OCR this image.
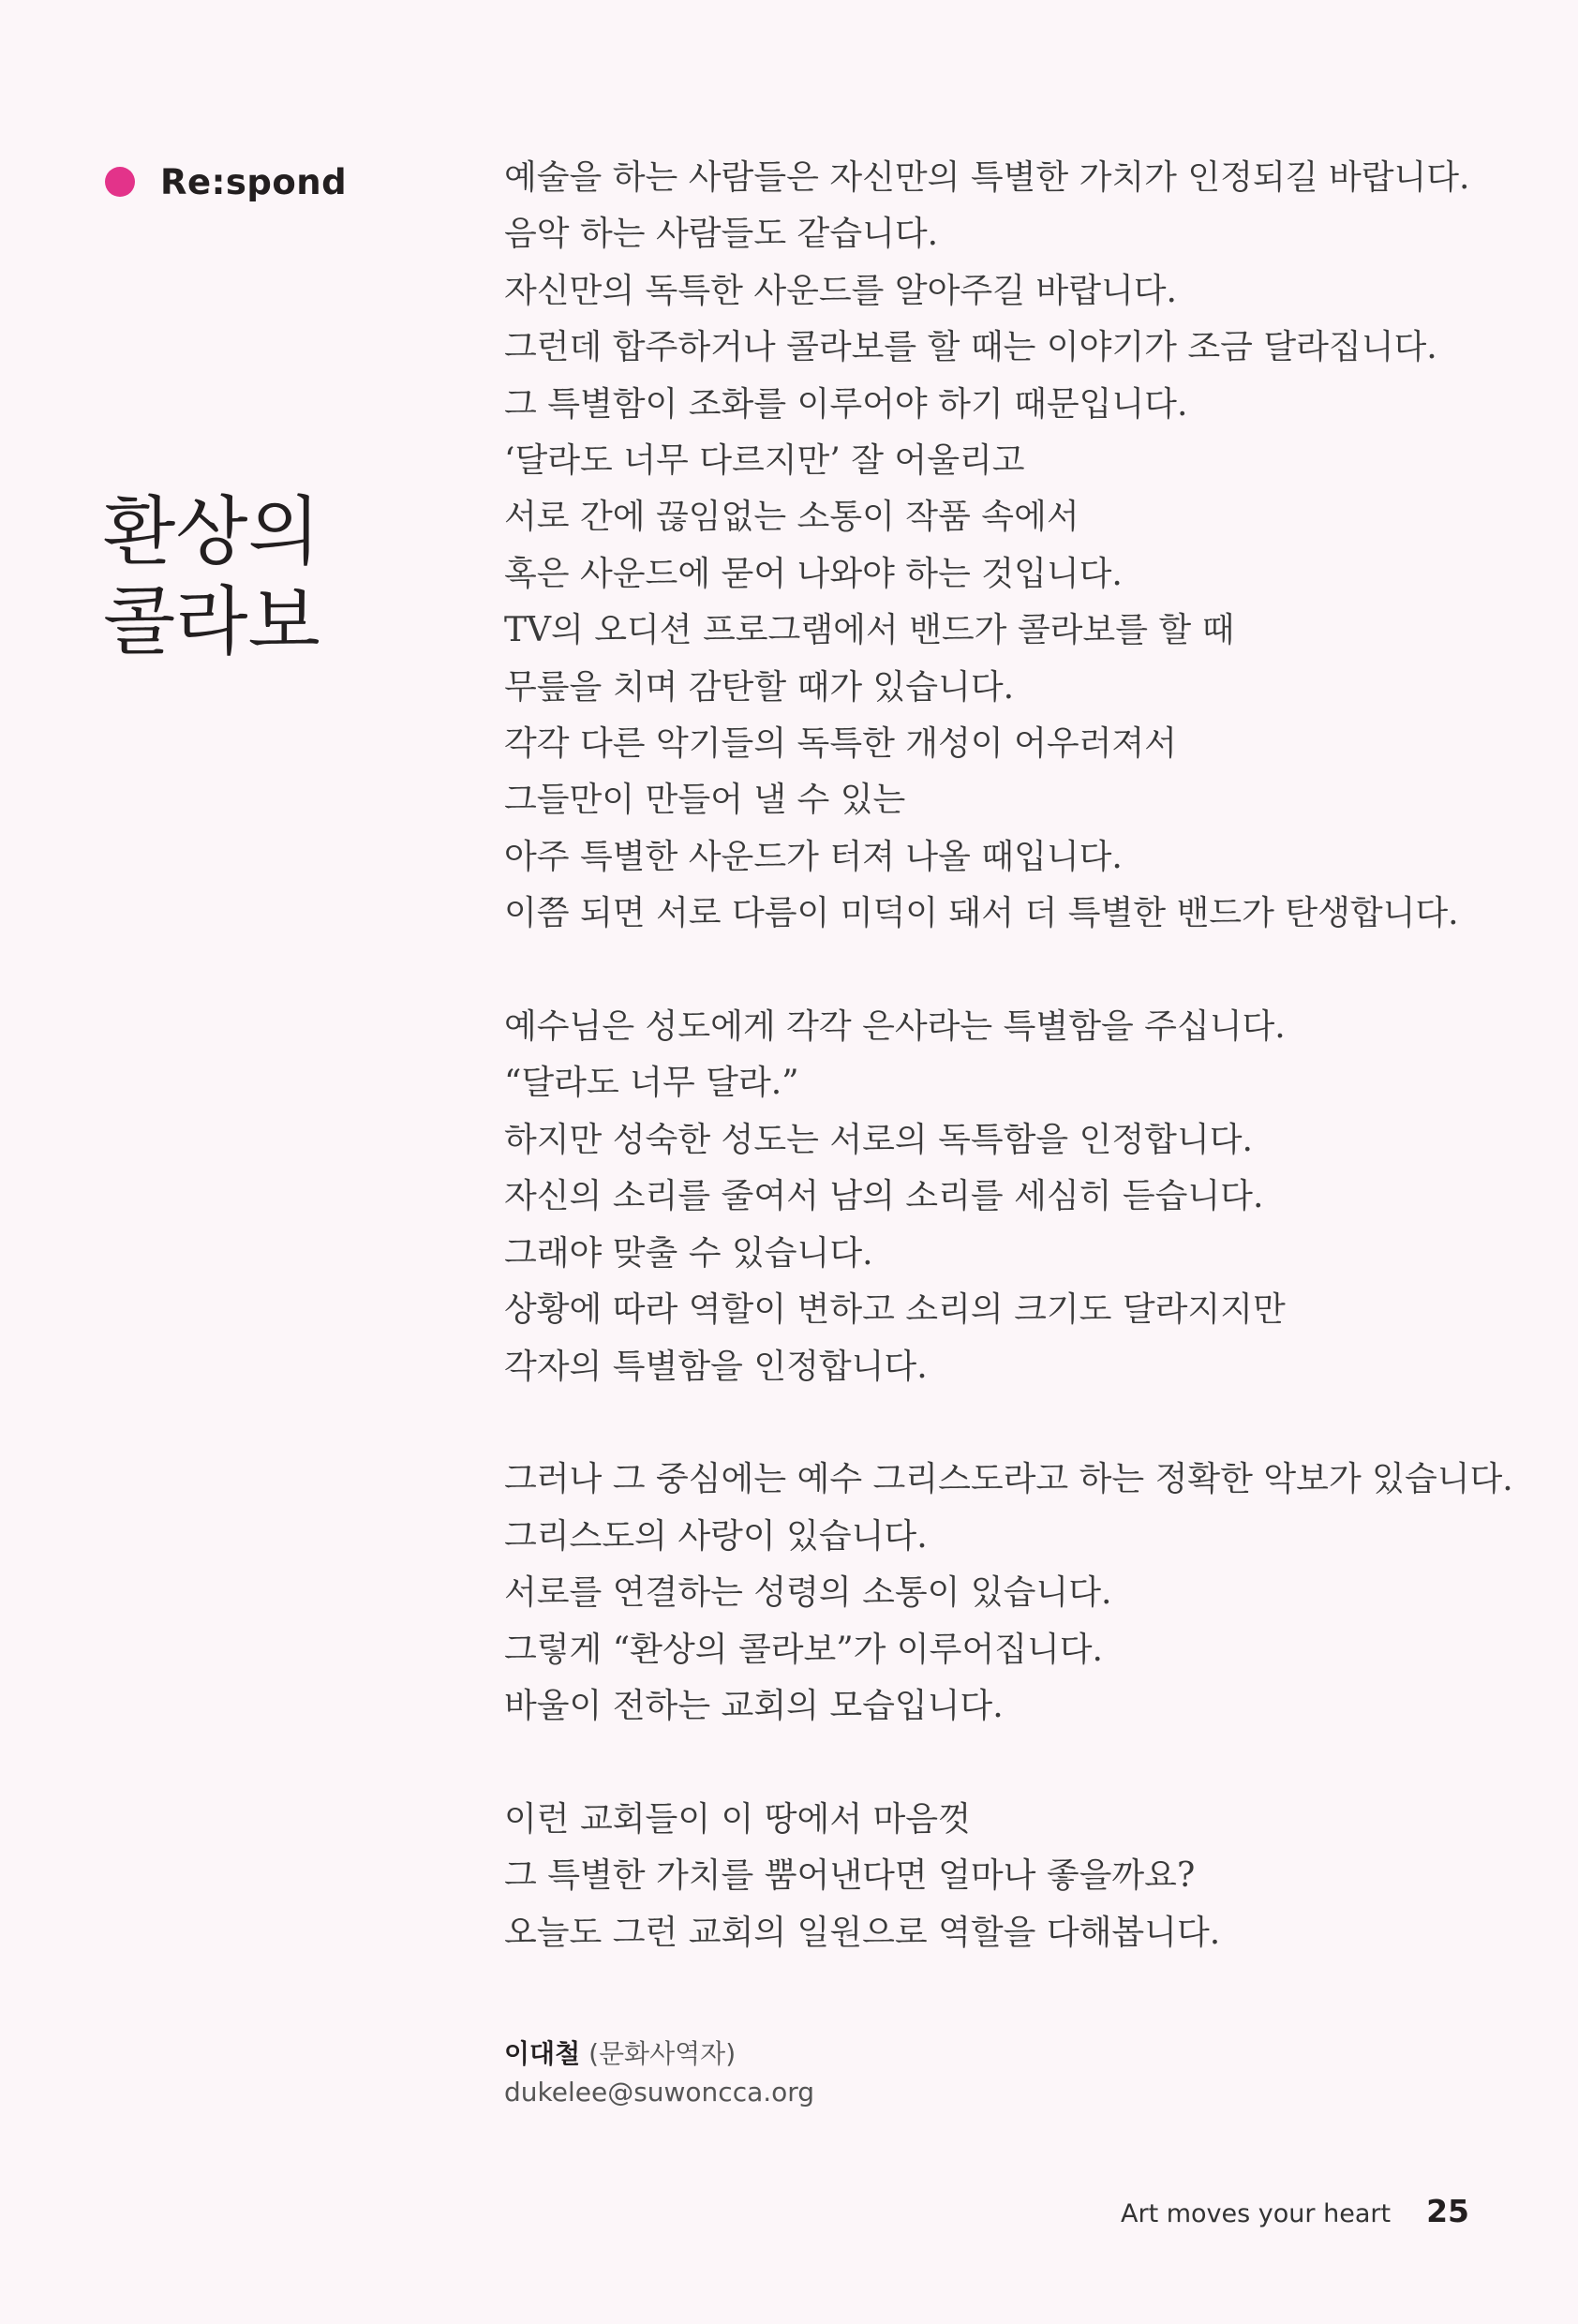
Re:spond
환상의
콜라보

예술을 하는 사람들은 자신만의 특별한 가치가 인정되길 바랍니다.
음악 하는 사람들도 같습니다.
자신만의 독특한 사운드를 알아주길 바랍니다.
그런데 합주하거나 콜라보를 할 때는 이야기가 조금 달라집니다.
그 특별함이 조화를 이루어야 하기 때문입니다.
‘달라도 너무 다르지만’ 잘 어울리고
서로 간에 끊임없는 소통이 작품 속에서
혹은 사운드에 묻어 나와야 하는 것입니다.
TV의 오디션 프로그램에서 밴드가 콜라보를 할 때
무릎을 치며 감탄할 때가 있습니다.
각각 다른 악기들의 독특한 개성이 어우러져서
그들만이 만들어 낼 수 있는
아주 특별한 사운드가 터져 나올 때입니다.
이쯤 되면 서로 다름이 미덕이 돼서 더 특별한 밴드가 탄생합니다.

예수님은 성도에게 각각 은사라는 특별함을 주십니다.
“달라도 너무 달라.”
하지만 성숙한 성도는 서로의 독특함을 인정합니다.
자신의 소리를 줄여서 남의 소리를 세심히 듣습니다.
그래야 맞출 수 있습니다.
상황에 따라 역할이 변하고 소리의 크기도 달라지지만
각자의 특별함을 인정합니다.

그러나 그 중심에는 예수 그리스도라고 하는 정확한 악보가 있습니다.
그리스도의 사랑이 있습니다.
서로를 연결하는 성령의 소통이 있습니다.
그렇게 “환상의 콜라보”가 이루어집니다.
바울이 전하는 교회의 모습입니다.

이런 교회들이 이 땅에서 마음껏
그 특별한 가치를 뿜어낸다면 얼마나 좋을까요?
오늘도 그런 교회의 일원으로 역할을 다해봅니다.

이대철 (문화사역자)
dukelee@suwoncca.org
Art moves your heart 25
